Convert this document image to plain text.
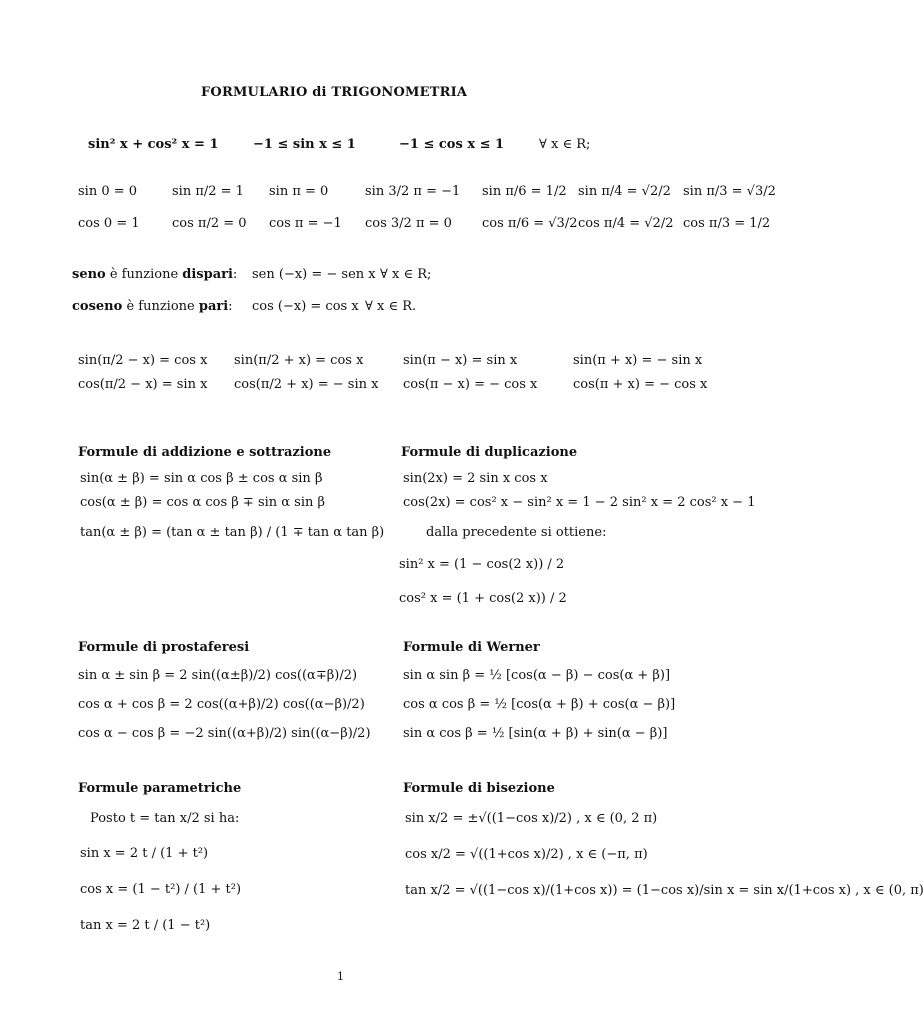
FORMULARIO di TRIGONOMETRIA
sin² x + cos² x = 1	−1 ≤ sin x ≤ 1	−1 ≤ cos x ≤ 1	∀ x ∈ R;
sin 0 = 0	sin π/2 = 1 sin π = 0	sin 3/2 π = −1 sin π/6 = 1/2 sin π/4 = √2/2 sin π/3 = √3/2
cos 0 = 1 cos π/2 = 0 cos π = −1 cos 3/2 π = 0 cos π/6 = √3/2 cos π/4 = √2/2 cos π/3 = 1/2
seno è funzione dispari: sen (−x) = − sen x ∀ x ∈ R;
coseno è funzione pari: cos (−x) = cos x ∀ x ∈ R.
sin(π/2 − x) = cos x sin(π/2 + x) = cos x	sin(π − x) = sin x	sin(π + x) = − sin x
cos(π/2 − x) = sin x cos(π/2 + x) = − sin x cos(π − x) = − cos x	cos(π + x) = − cos x
Formule di addizione e sottrazione
sin(α ± β) = sin α cos β ± cos α sin β
cos(α ± β) = cos α cos β ∓ sin α sin β
tan(α ± β) = (tan α ± tan β) / (1 ∓ tan α tan β)
Formule di duplicazione
sin(2x) = 2 sin x cos x
cos(2x) = cos² x − sin² x = 1 − 2 sin² x = 2 cos² x − 1
dalla precedente si ottiene:
sin² x = (1 − cos(2 x)) / 2
cos² x = (1 + cos(2 x)) / 2
Formule di prostaferesi
sin α ± sin β = 2 sin((α±β)/2) cos((α∓β)/2)
cos α + cos β = 2 cos((α+β)/2) cos((α−β)/2)
cos α − cos β = −2 sin((α+β)/2) sin((α−β)/2)
Formule di Werner
sin α sin β = ½ [cos(α − β) − cos(α + β)]
cos α cos β = ½ [cos(α + β) + cos(α − β)]
sin α cos β = ½ [sin(α + β) + sin(α − β)]
Formule parametriche
Posto t = tan x/2 si ha:
sin x = 2 t / (1 + t²)
cos x = (1 − t²) / (1 + t²)
tan x = 2 t / (1 − t²)
Formule di bisezione
sin x/2 = ±√((1−cos x)/2) , x ∈ (0, 2 π)
cos x/2 = √((1+cos x)/2) , x ∈ (−π, π)
tan x/2 = √((1−cos x)/(1+cos x)) = (1−cos x)/sin x = sin x/(1+cos x) , x ∈ (0, π)
1
